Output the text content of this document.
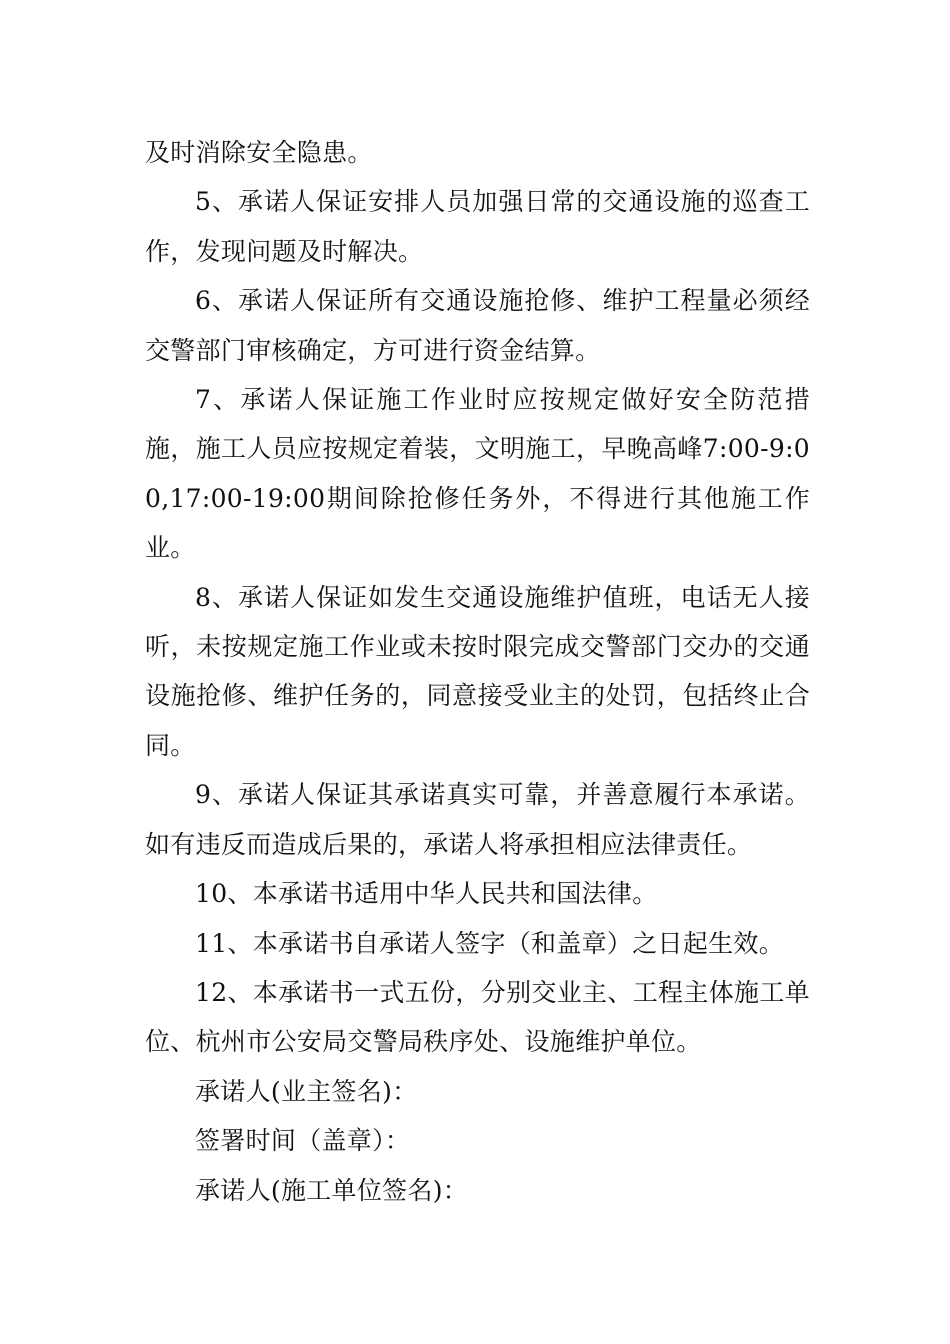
及时消除安全隐患。

5、承诺人保证安排人员加强日常的交通设施的巡查工作，发现问题及时解决。

6、承诺人保证所有交通设施抢修、维护工程量必须经交警部门审核确定，方可进行资金结算。

7、承诺人保证施工作业时应按规定做好安全防范措施，施工人员应按规定着装，文明施工，早晚高峰7:00-9:00,17:00-19:00期间除抢修任务外，不得进行其他施工作业。

8、承诺人保证如发生交通设施维护值班，电话无人接听，未按规定施工作业或未按时限完成交警部门交办的交通设施抢修、维护任务的，同意接受业主的处罚，包括终止合同。

9、承诺人保证其承诺真实可靠，并善意履行本承诺。如有违反而造成后果的，承诺人将承担相应法律责任。

10、本承诺书适用中华人民共和国法律。

11、本承诺书自承诺人签字（和盖章）之日起生效。

12、本承诺书一式五份，分别交业主、工程主体施工单位、杭州市公安局交警局秩序处、设施维护单位。

承诺人(业主签名)：

签署时间（盖章）：

承诺人(施工单位签名)：
